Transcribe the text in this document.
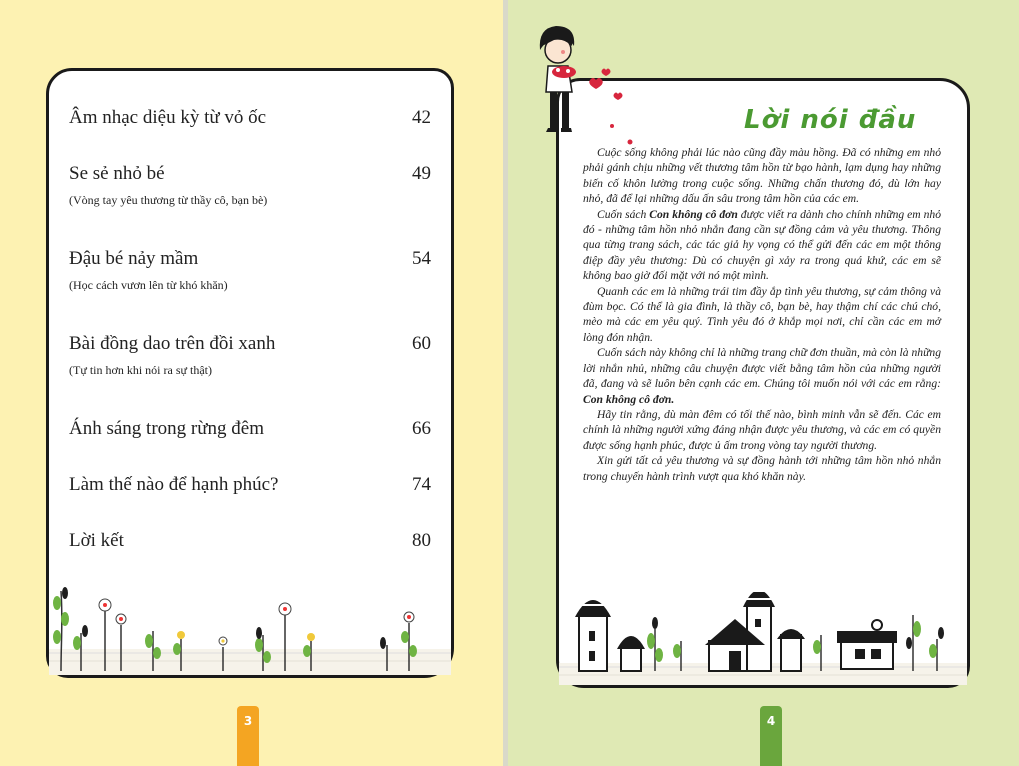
Âm nhạc diệu kỳ từ vỏ ốc	42
Se sẻ nhỏ bé	49
(Vòng tay yêu thương từ thầy cô, bạn bè)
Đậu bé nảy mầm	54
(Học cách vươn lên từ khó khăn)
Bài đồng dao trên đồi xanh	60
(Tự tin hơn khi nói ra sự thật)
Ánh sáng trong rừng đêm	66
Làm thế nào để hạnh phúc?	74
Lời kết	80
3
Lời nói đầu

Cuộc sống không phải lúc nào cũng đầy màu hồng. Đã có những em nhỏ phải gánh chịu những vết thương tâm hồn từ bạo hành, lạm dụng hay những biến cố khôn lường trong cuộc sống. Những chấn thương đó, dù lớn hay nhỏ, đã để lại những dấu ấn sâu trong tâm hồn của các em.

Cuốn sách Con không cô đơn được viết ra dành cho chính những em nhỏ đó - những tâm hồn nhỏ nhắn đang cần sự đồng cảm và yêu thương. Thông qua từng trang sách, các tác giả hy vọng có thể gửi đến các em một thông điệp đầy yêu thương: Dù có chuyện gì xảy ra trong quá khứ, các em sẽ không bao giờ đối mặt với nó một mình.

Quanh các em là những trái tim đầy ắp tình yêu thương, sự cảm thông và đùm bọc. Có thể là gia đình, là thầy cô, bạn bè, hay thậm chí các chú chó, mèo mà các em yêu quý. Tình yêu đó ở khắp mọi nơi, chỉ cần các em mở lòng đón nhận.

Cuốn sách này không chỉ là những trang chữ đơn thuần, mà còn là những lời nhắn nhủ, những câu chuyện được viết bằng tâm hồn của những người đã, đang và sẽ luôn bên cạnh các em. Chúng tôi muốn nói với các em rằng: Con không cô đơn.

Hãy tin rằng, dù màn đêm có tối thế nào, bình minh vẫn sẽ đến. Các em chính là những người xứng đáng nhận được yêu thương, và các em có quyền được sống hạnh phúc, được ủ ấm trong vòng tay người thương.

Xin gửi tất cả yêu thương và sự đồng hành tới những tâm hồn nhỏ nhắn trong chuyến hành trình vượt qua khó khăn này.

4
